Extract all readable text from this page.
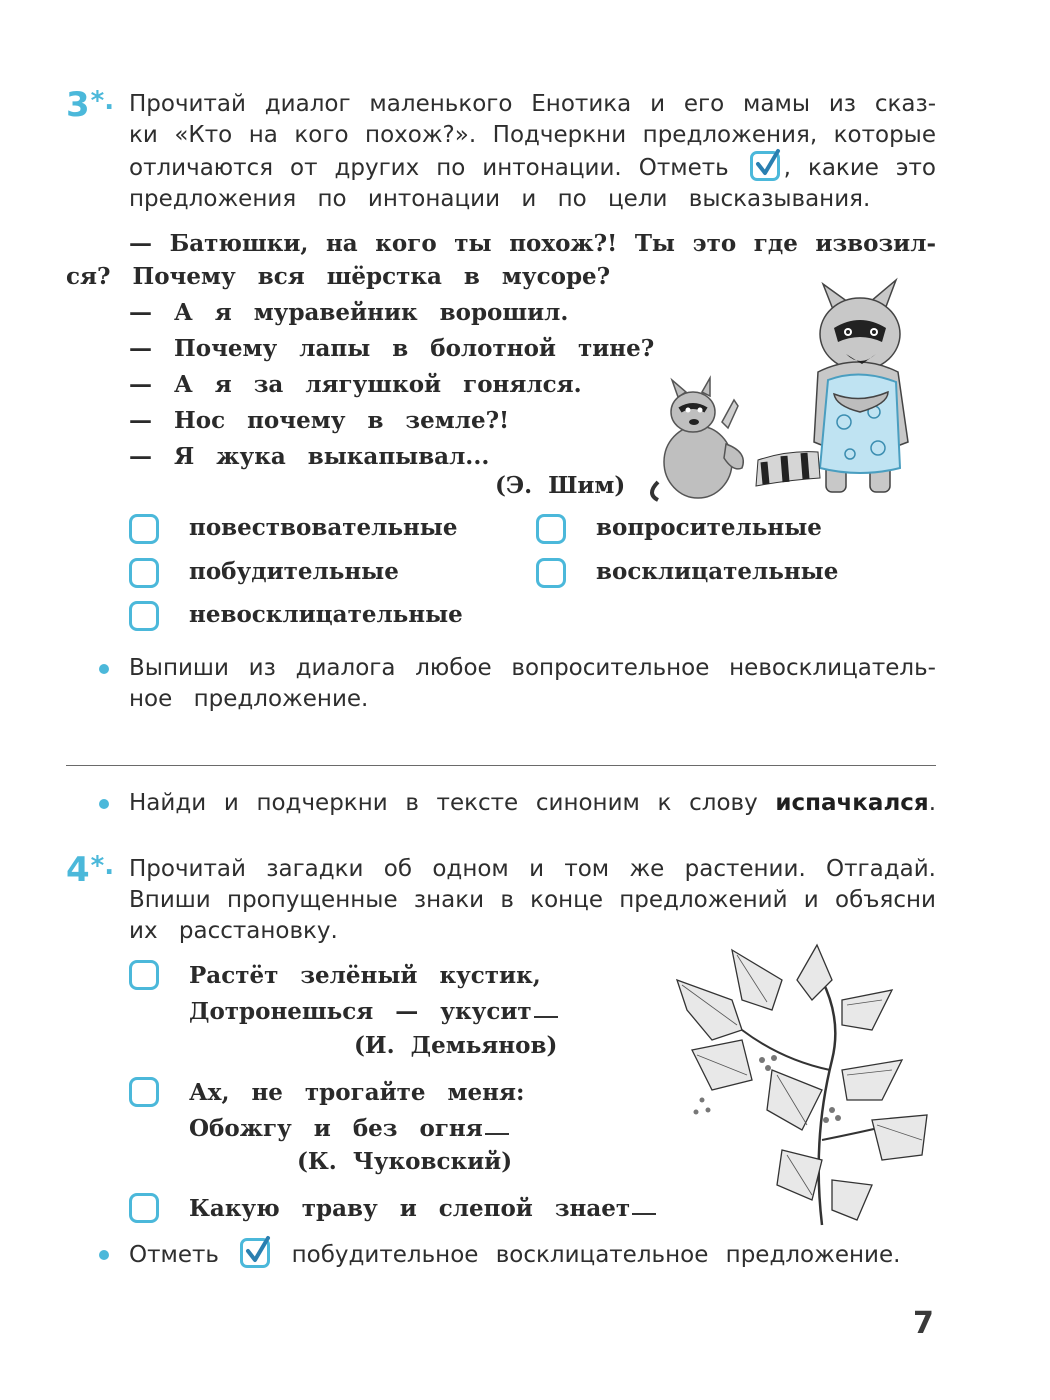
3*. Прочитай диалог маленького Енотика и его мамы из сказ-
ки «Кто на кого похож?». Подчеркни предложения, которые
отличаются от других по интонации. Отметь , какие это
предложения по интонации и по цели высказывания.
— Батюшки, на кого ты похож?! Ты это где извозил-
ся? Почему вся шёрстка в мусоре?
— А я муравейник ворошил.
— Почему лапы в болотной тине?
— А я за лягушкой гонялся.
— Нос почему в земле?!
— Я жука выкапывал...
(Э. Шим)
повествовательные	вопросительные
побудительные	восклицательные
невосклицательные
Выпиши из диалога любое вопросительное невосклицатель-
ное предложение.
Найди и подчеркни в тексте синоним к слову испачкался.
4*. Прочитай загадки об одном и том же растении. Отгадай.
Впиши пропущенные знаки в конце предложений и объясни
их расстановку.
Растёт зелёный кустик,
Дотронешься — укусит
(И. Демьянов)
Ах, не трогайте меня:
Обожгу и без огня
(К. Чуковский)
Какую траву и слепой знает
Отметь	побудительное восклицательное предложение.
7
